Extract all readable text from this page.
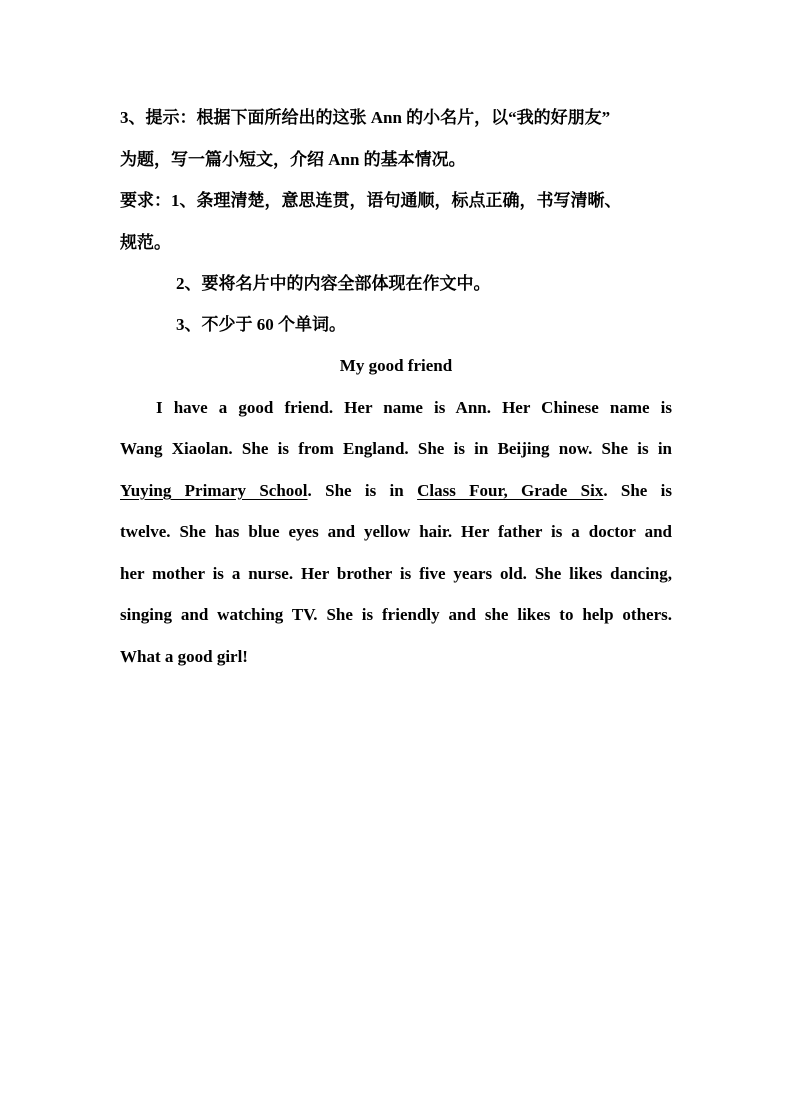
3、提示：根据下面所给出的这张 Ann 的小名片，以“我的好朋友”
为题，写一篇小短文，介绍 Ann 的基本情况。
要求：1、条理清楚，意思连贯，语句通顺，标点正确，书写清晰、
规范。
2、要将名片中的内容全部体现在作文中。
3、不少于 60 个单词。
My good friend
I have a good friend. Her name is Ann. Her Chinese name is
Wang Xiaolan. She is from England. She is in Beijing now. She is in
Yuying Primary School. She is in Class Four, Grade Six. She is
twelve. She has blue eyes and yellow hair. Her father is a doctor and
her mother is a nurse. Her brother is five years old. She likes dancing,
singing and watching TV. She is friendly and she likes to help others.
What a good girl!
